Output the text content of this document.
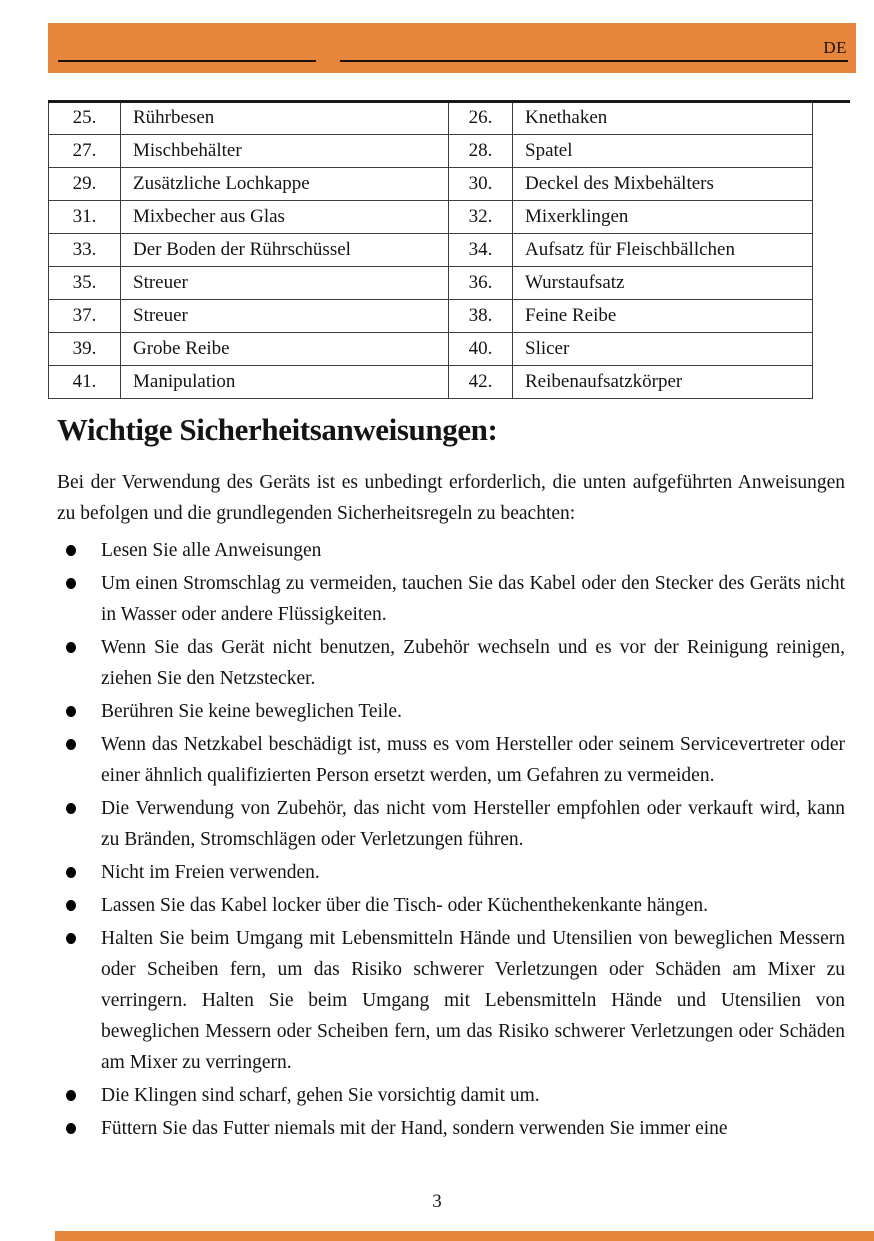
DE
25.	Rührbesen	26.	Knethaken
27.	Mischbehälter	28.	Spatel
29.	Zusätzliche Lochkappe	30.	Deckel des Mixbehälters
31.	Mixbecher aus Glas	32.	Mixerklingen
33.	Der Boden der Rührschüssel	34.	Aufsatz für Fleischbällchen
35.	Streuer	36.	Wurstaufsatz
37.	Streuer	38.	Feine Reibe
39.	Grobe Reibe	40.	Slicer
41.	Manipulation	42.	Reibenaufsatzkörper
Wichtige Sicherheitsanweisungen:

Bei der Verwendung des Geräts ist es unbedingt erforderlich, die unten aufgeführten Anweisungen zu befolgen und die grundlegenden Sicherheitsregeln zu beachten:

Lesen Sie alle Anweisungen
Um einen Stromschlag zu vermeiden, tauchen Sie das Kabel oder den Stecker des Geräts nicht in Wasser oder andere Flüssigkeiten.
Wenn Sie das Gerät nicht benutzen, Zubehör wechseln und es vor der Reinigung reinigen, ziehen Sie den Netzstecker.
Berühren Sie keine beweglichen Teile.
Wenn das Netzkabel beschädigt ist, muss es vom Hersteller oder seinem Servicevertreter oder einer ähnlich qualifizierten Person ersetzt werden, um Gefahren zu vermeiden.
Die Verwendung von Zubehör, das nicht vom Hersteller empfohlen oder verkauft wird, kann zu Bränden, Stromschlägen oder Verletzungen führen.
Nicht im Freien verwenden.
Lassen Sie das Kabel locker über die Tisch- oder Küchenthekenkante hängen.
Halten Sie beim Umgang mit Lebensmitteln Hände und Utensilien von beweglichen Messern oder Scheiben fern, um das Risiko schwerer Verletzungen oder Schäden am Mixer zu verringern. Halten Sie beim Umgang mit Lebensmitteln Hände und Utensilien von beweglichen Messern oder Scheiben fern, um das Risiko schwerer Verletzungen oder Schäden am Mixer zu verringern.
Die Klingen sind scharf, gehen Sie vorsichtig damit um.
Füttern Sie das Futter niemals mit der Hand, sondern verwenden Sie immer eine
3
